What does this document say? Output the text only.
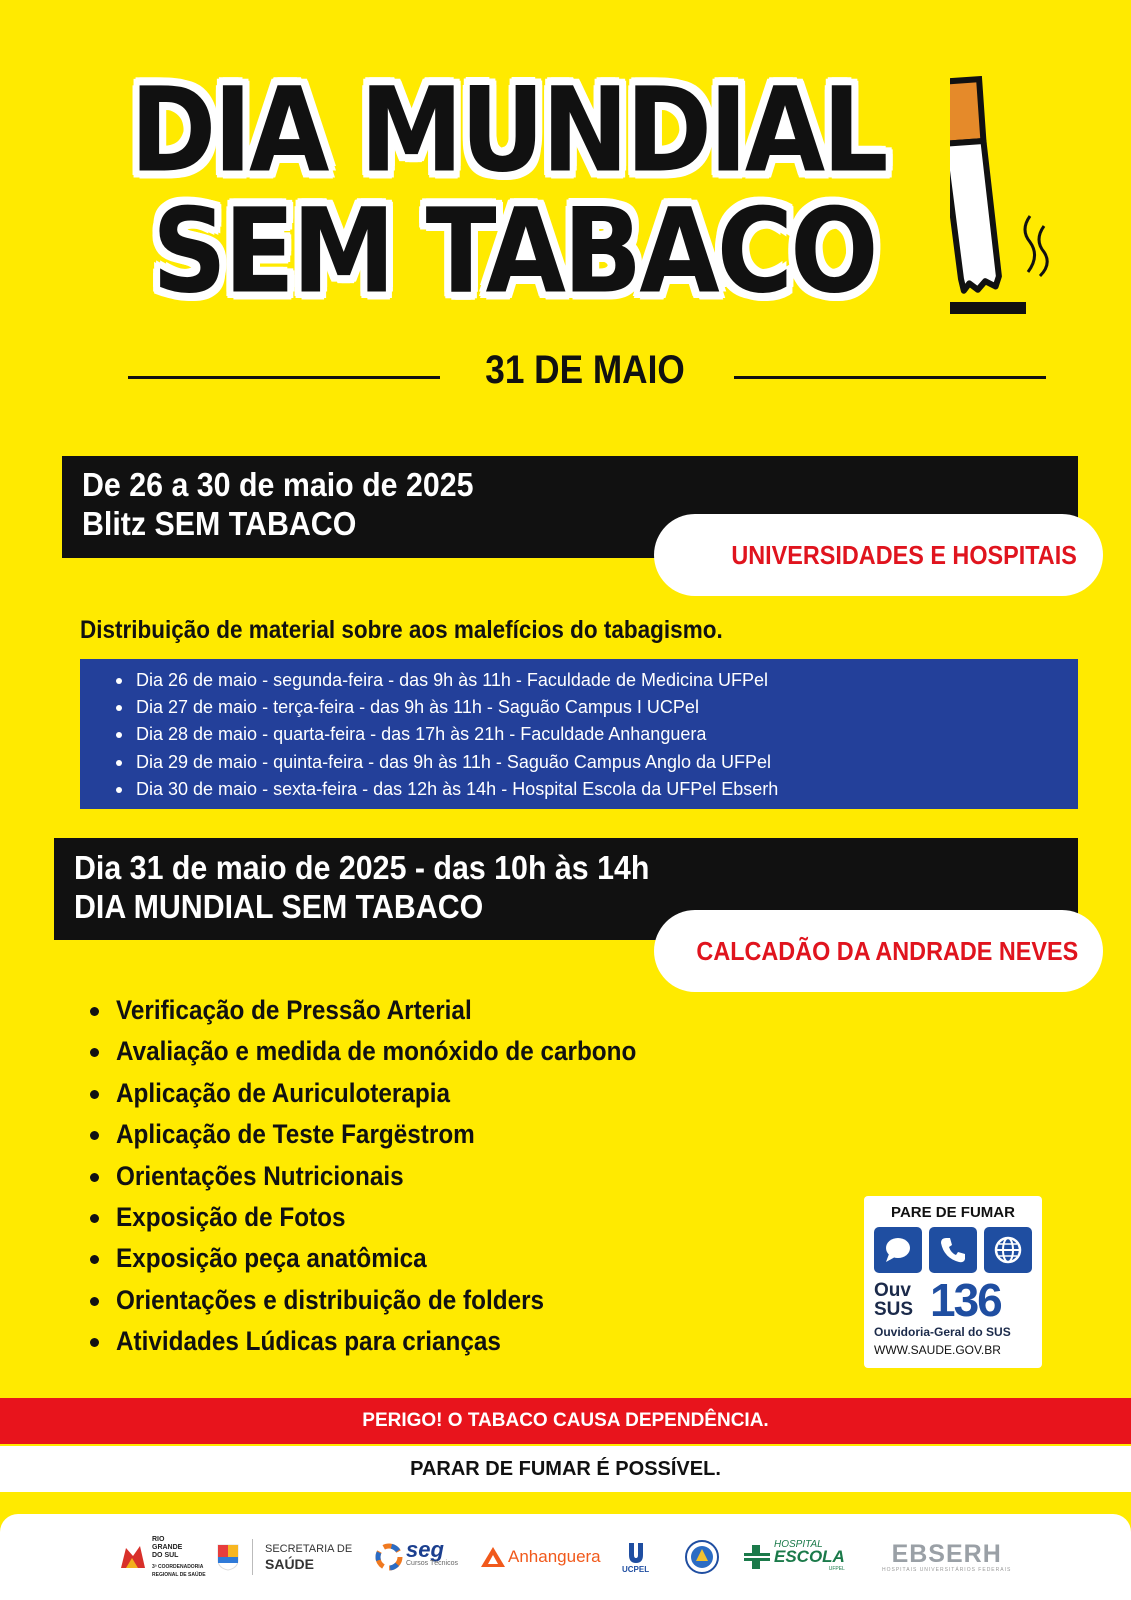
DIA MUNDIAL
SEM TABACO
31 DE MAIO
De 26 a 30 de maio de 2025
Blitz SEM TABACO
UNIVERSIDADES E HOSPITAIS
Distribuição de material sobre aos malefícios do tabagismo.
Dia 26 de maio - segunda-feira - das 9h às 11h - Faculdade de Medicina UFPel
Dia 27 de maio - terça-feira - das 9h às 11h - Saguão Campus I UCPel
Dia 28 de maio - quarta-feira - das 17h às 21h - Faculdade Anhanguera
Dia 29 de maio - quinta-feira - das 9h às 11h - Saguão Campus Anglo da UFPel
Dia 30 de maio - sexta-feira - das 12h às 14h - Hospital Escola da UFPel Ebserh
Dia 31 de maio de 2025 - das 10h às 14h
DIA MUNDIAL SEM TABACO
CALCADÃO DA ANDRADE NEVES
Verificação de Pressão Arterial
Avaliação e medida de monóxido de carbono
Aplicação de Auriculoterapia
Aplicação de Teste Fargëstrom
Orientações Nutricionais
Exposição de Fotos
Exposição peça anatômica
Orientações e distribuição de folders
Atividades Lúdicas para crianças
PARE DE FUMAR
Ouv
SUS 136
Ouvidoria-Geral do SUS
WWW.SAUDE.GOV.BR
PERIGO! O TABACO CAUSA DEPENDÊNCIA.
PARAR DE FUMAR É POSSÍVEL.
RIO
GRANDE
DO SUL
3ª COORDENADORIA
REGIONAL DE SAÚDE
SECRETARIA DE
SAÚDE
seg
Cursos Técnicos	Anhanguera
UCPEL
HOSPITAL
ESCOLA
UFPEL
EBSERH
HOSPITAIS UNIVERSITÁRIOS FEDERAIS
